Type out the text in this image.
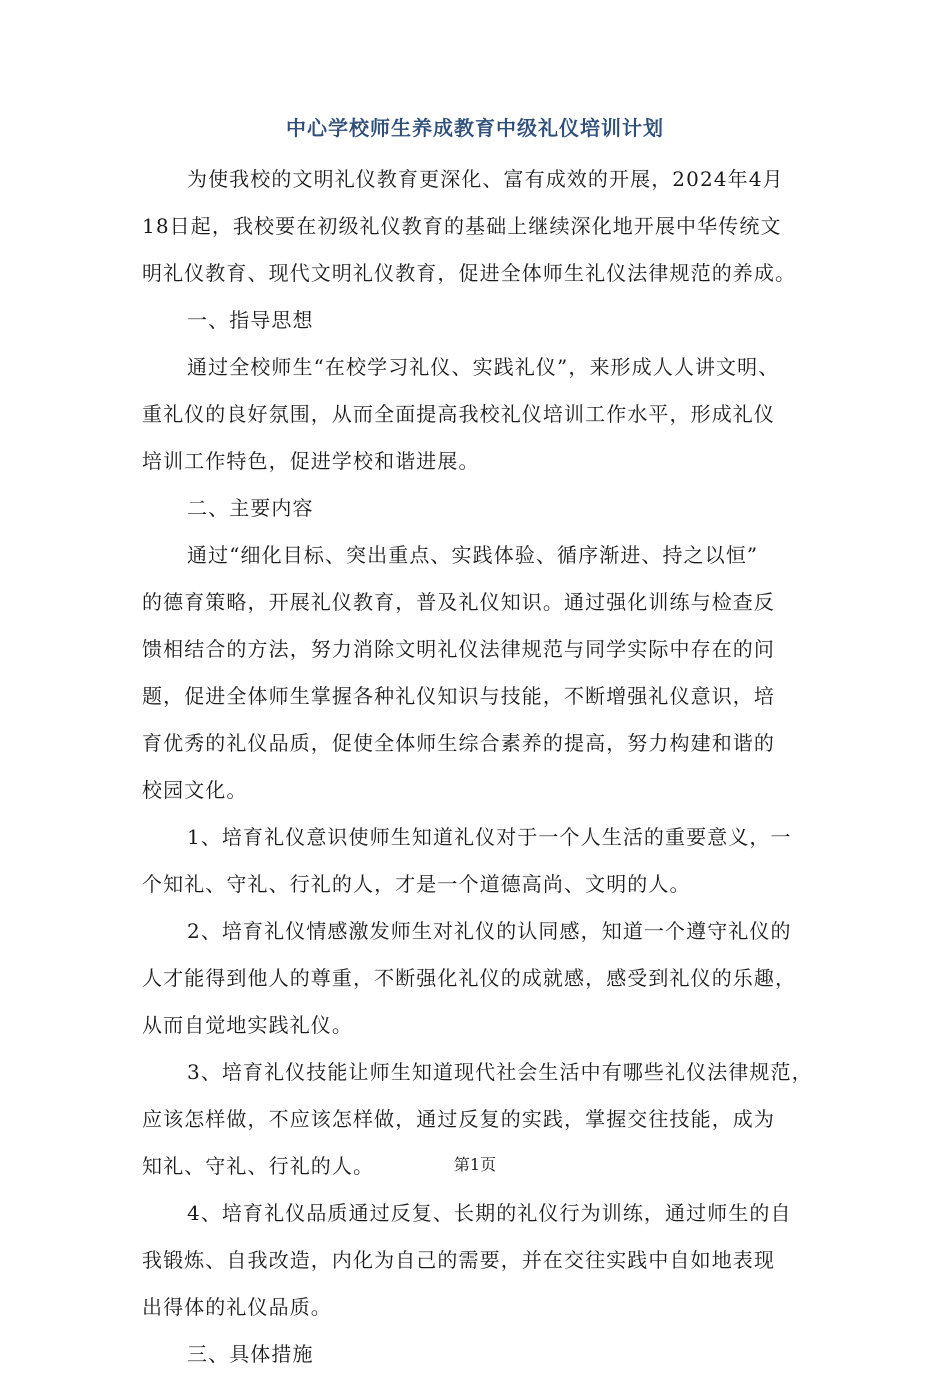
中心学校师生养成教育中级礼仪培训计划
为使我校的文明礼仪教育更深化、富有成效的开展，2024年4月
18日起，我校要在初级礼仪教育的基础上继续深化地开展中华传统文
明礼仪教育、现代文明礼仪教育，促进全体师生礼仪法律规范的养成。
一、指导思想
通过全校师生“在校学习礼仪、实践礼仪”，来形成人人讲文明、
重礼仪的良好氛围，从而全面提高我校礼仪培训工作水平，形成礼仪
培训工作特色，促进学校和谐进展。
二、主要内容
通过“细化目标、突出重点、实践体验、循序渐进、持之以恒”
的德育策略，开展礼仪教育，普及礼仪知识。通过强化训练与检查反
馈相结合的方法，努力消除文明礼仪法律规范与同学实际中存在的问
题，促进全体师生掌握各种礼仪知识与技能，不断增强礼仪意识，培
育优秀的礼仪品质，促使全体师生综合素养的提高，努力构建和谐的
校园文化。
1、培育礼仪意识使师生知道礼仪对于一个人生活的重要意义，一
个知礼、守礼、行礼的人，才是一个道德高尚、文明的人。
2、培育礼仪情感激发师生对礼仪的认同感，知道一个遵守礼仪的
人才能得到他人的尊重，不断强化礼仪的成就感，感受到礼仪的乐趣，
从而自觉地实践礼仪。
3、培育礼仪技能让师生知道现代社会生活中有哪些礼仪法律规范，
应该怎样做，不应该怎样做，通过反复的实践，掌握交往技能，成为
知礼、守礼、行礼的人。
4、培育礼仪品质通过反复、长期的礼仪行为训练，通过师生的自
我锻炼、自我改造，内化为自己的需要，并在交往实践中自如地表现
出得体的礼仪品质。
三、具体措施
第1页
